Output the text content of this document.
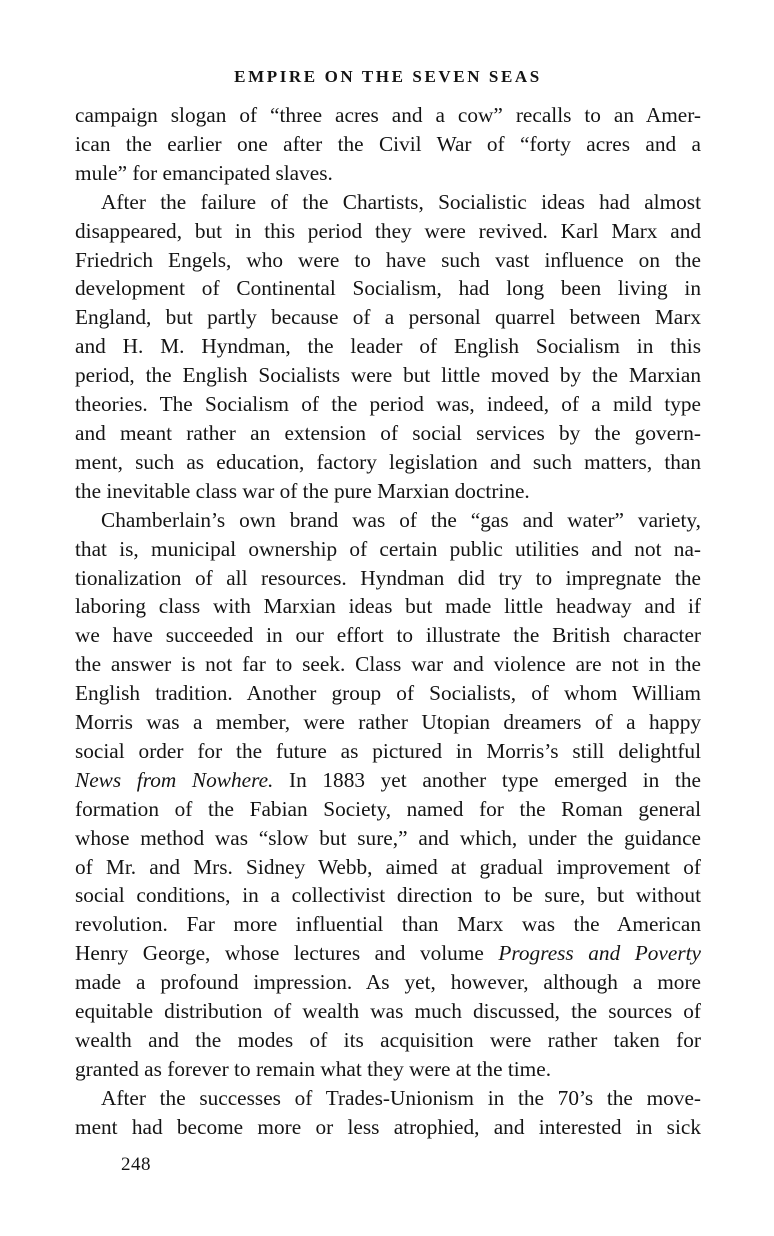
EMPIRE ON THE SEVEN SEAS
campaign slogan of “three acres and a cow” recalls to an Amer-
ican the earlier one after the Civil War of “forty acres and a
mule” for emancipated slaves.
After the failure of the Chartists, Socialistic ideas had almost
disappeared, but in this period they were revived. Karl Marx and
Friedrich Engels, who were to have such vast influence on the
development of Continental Socialism, had long been living in
England, but partly because of a personal quarrel between Marx
and H. M. Hyndman, the leader of English Socialism in this
period, the English Socialists were but little moved by the Marxian
theories. The Socialism of the period was, indeed, of a mild type
and meant rather an extension of social services by the govern-
ment, such as education, factory legislation and such matters, than
the inevitable class war of the pure Marxian doctrine.
Chamberlain’s own brand was of the “gas and water” variety,
that is, municipal ownership of certain public utilities and not na-
tionalization of all resources. Hyndman did try to impregnate the
laboring class with Marxian ideas but made little headway and if
we have succeeded in our effort to illustrate the British character
the answer is not far to seek. Class war and violence are not in the
English tradition. Another group of Socialists, of whom William
Morris was a member, were rather Utopian dreamers of a happy
social order for the future as pictured in Morris’s still delightful
News from Nowhere. In 1883 yet another type emerged in the
formation of the Fabian Society, named for the Roman general
whose method was “slow but sure,” and which, under the guidance
of Mr. and Mrs. Sidney Webb, aimed at gradual improvement of
social conditions, in a collectivist direction to be sure, but without
revolution. Far more influential than Marx was the American
Henry George, whose lectures and volume Progress and Poverty
made a profound impression. As yet, however, although a more
equitable distribution of wealth was much discussed, the sources of
wealth and the modes of its acquisition were rather taken for
granted as forever to remain what they were at the time.
After the successes of Trades-Unionism in the 70’s the move-
ment had become more or less atrophied, and interested in sick
248
